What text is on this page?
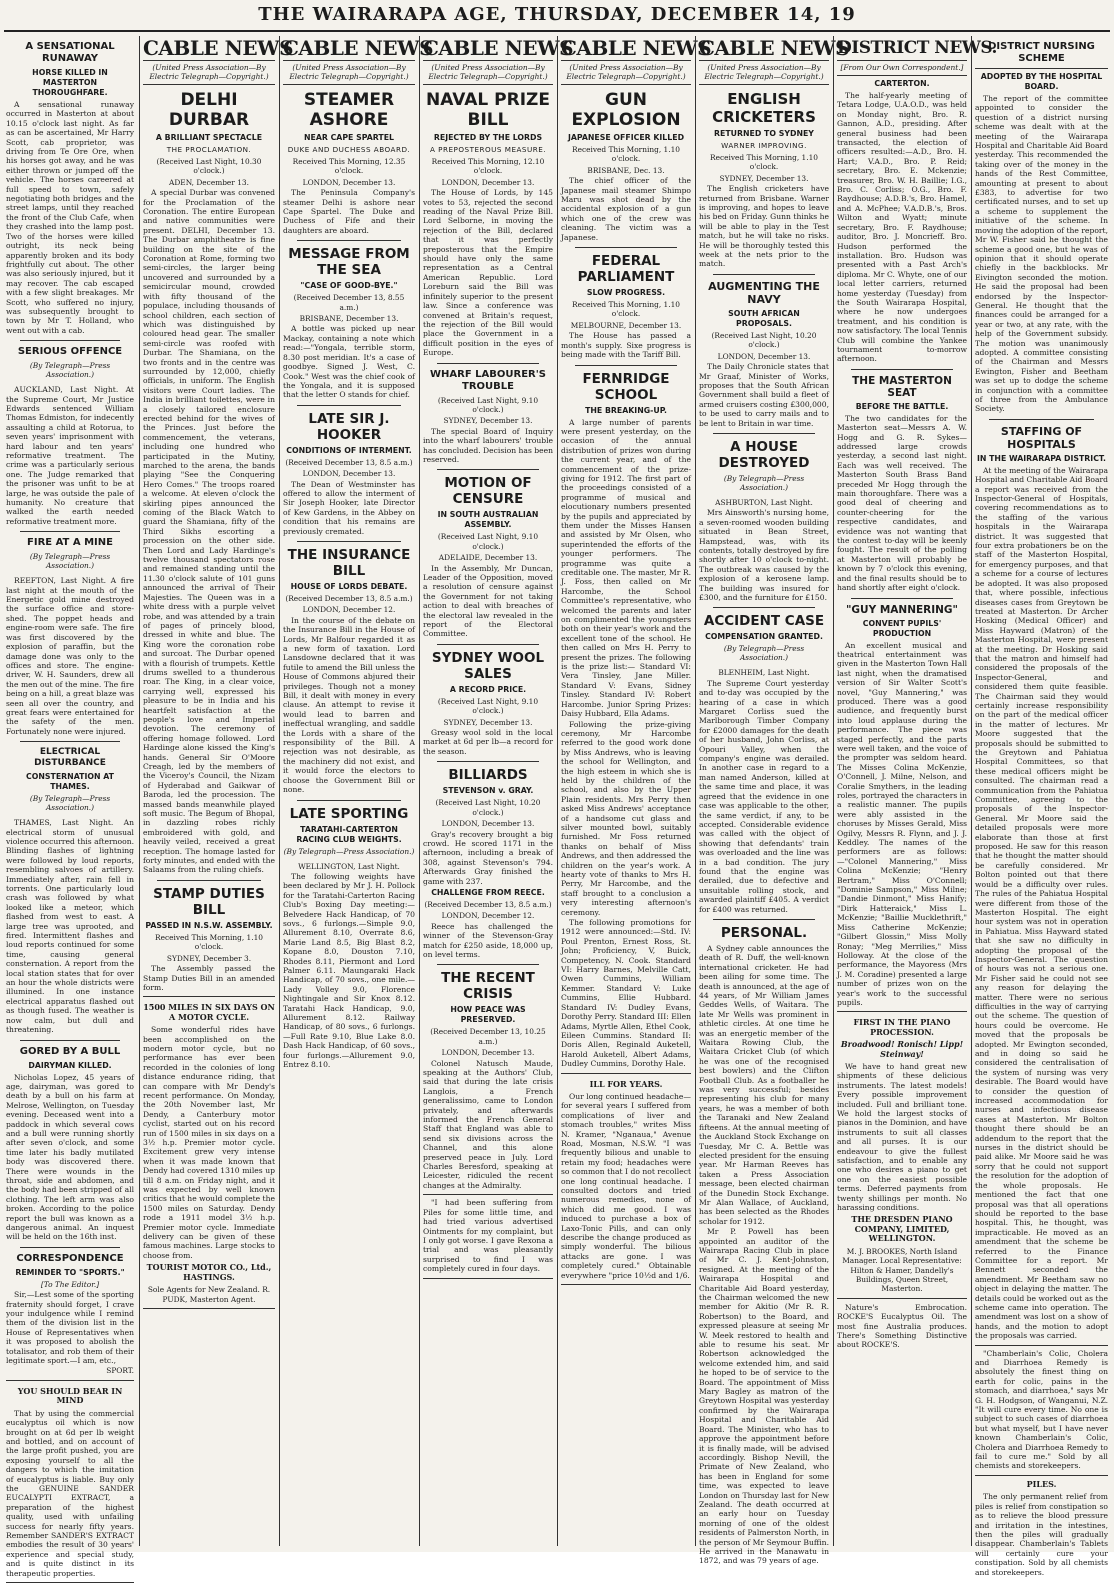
THE WAIRARAPA AGE, THURSDAY, DECEMBER 14, 19
A SENSATIONAL RUNAWAY
HORSE KILLED IN MASTERTON THOROUGHFARE.
A sensational runaway occurred in Masterton at about 10.15 o'clock last night. As far as can be ascertained, Mr Harry Scott, cab proprietor, was driving from Te Ore Ore, when his horses got away, and he was either thrown or jumped off the vehicle. The horses careered at full speed to town, safely negotiating both bridges and the street lamps, until they reached the front of the Club Cafe, when they crashed into the lamp post. Two of the horses were killed outright, its neck being apparently broken and its body frightfully cut about. The other was also seriously injured, but it may recover. The cab escaped with a few slight breakages. Mr Scott, who suffered no injury, was subsequently brought to town by Mr T. Holland, who went out with a cab.
SERIOUS OFFENCE
(By Telegraph—Press Association.)
AUCKLAND, Last Night. At the Supreme Court, Mr Justice Edwards sentenced William Thomas Edmiston, for indecently assaulting a child at Rotorua, to seven years' imprisonment with hard labour and ten years' reformative treatment. The crime was a particularly serious one. The Judge remarked that the prisoner was unfit to be at large, he was outside the pale of humanity. No creature that walked the earth needed reformative treatment more.
FIRE AT A MINE
(By Telegraph—Press Association.)
REEFTON, Last Night. A fire last night at the mouth of the Energetic gold mine destroyed the surface office and store-shed. The poppet heads and engine-room were safe. The fire was first discovered by the explosion of paraffin, but the damage done was only to the offices and store. The engine-driver, W. H. Saunders, drew all the men out of the mine. The fire being on a hill, a great blaze was seen all over the country, and great fears were entertained for the safety of the men. Fortunately none were injured.
ELECTRICAL DISTURBANCE
CONSTERNATION AT THAMES.
(By Telegraph—Press Association.)
THAMES, Last Night. An electrical storm of unusual violence occurred this afternoon. Blinding flashes of lightning were followed by loud reports, resembling salvoes of artillery. Immediately after, rain fell in torrents. One particularly loud crash was followed by what looked like a meteor, which flashed from west to east. A large tree was uprooted, and fired. Intermittent flashes and loud reports continued for some time, causing general consternation. A report from the local station states that for over an hour the whole districts were illumined. In one instance electrical apparatus flashed out as though fused. The weather is now calm, but dull and threatening.
GORED BY A BULL
DAIRYMAN KILLED.
Nicholas Lopez, 45 years of age, dairyman, was gored to death by a bull on his farm at Melrose, Wellington, on Tuesday evening. Deceased went into a paddock in which several cows and a bull were running shortly after seven o'clock, and some time later his badly mutilated body was discovered there. There were wounds in the throat, side and abdomen, and the body had been stripped of all clothing. The left arm was also broken. According to the police report the bull was known as a dangerous animal. An inquest will be held on the 16th inst.
CORRESPONDENCE
REMINDER TO "SPORTS."
[To The Editor.]
Sir,—Lest some of the sporting fraternity should forget, I crave your indulgence while I remind them of the division list in the House of Representatives when it was proposed to abolish the totalisator, and rob them of their legitimate sport.—I am, etc.,
SPORT.
YOU SHOULD BEAR IN MIND
That by using the commercial eucalyptus oil which is now brought on at 6d per lb weight and bottled, and on account of the large profit pushed, you are exposing yourself to all the dangers to which the imitation of eucalyptus is liable. Buy only the GENUINE SANDER EUCALYPTI EXTRACT, a preparation of the highest quality, used with unfailing success for nearly fifty years. Remember SANDER'S EXTRACT embodies the result of 30 years' experience and special study, and is quite distinct in its therapeutic properties.
CABLE NEWS
(United Press Association—By Electric Telegraph—Copyright.)
DELHI DURBAR
A BRILLIANT SPECTACLE
THE PROCLAMATION.
(Received Last Night, 10.30 o'clock.)
ADEN, December 13.
A special Durbar was convened for the Proclamation of the Coronation. The entire European and native communities were present. DELHI, December 13. The Durbar amphitheatre is fine building on the site of the Coronation at Rome, forming two semi-circles, the larger being uncovered and surrounded by a semicircular mound, crowded with fifty thousand of the populace, including thousands of school children, each section of which was distinguished by coloured head gear. The smaller semi-circle was roofed with Durbar. The Shamiana, on the two fronts and in the centre was surrounded by 12,000, chiefly officials, in uniform. The English visitors were Court ladies. The India in brilliant toilettes, were in a closely tailored enclosure erected behind for the wives of the Princes. Just before the commencement, the veterans, including one hundred who participated in the Mutiny, marched to the arena, the bands playing "See the Conquering Hero Comes." The troops roared a welcome. At eleven o'clock the skirling pipes announced the coming of the Black Watch to guard the Shamiana, fifty of the Third Sikhs escorting a procession on the other side. Then Lord and Lady Hardinge's twelve thousand spectators rose and remained standing until the 11.30 o'clock salute of 101 guns announced the arrival of Their Majesties. The Queen was in a white dress with a purple velvet robe, and was attended by a train of pages of princely blood, dressed in white and blue. The King wore the coronation robe and surcoat. The Durbar opened with a flourish of trumpets. Kettle drums swelled to a thunderous roar. The King, in a clear voice, carrying well, expressed his pleasure to be in India and his heartfelt satisfaction at the people's love and Imperial devotion. The ceremony of offering homage followed. Lord Hardinge alone kissed the King's hands. General Sir O'Moore Creagh, led by the members of the Viceroy's Council, the Nizam of Hyderabad and Gaikwar of Baroda, led the procession. The massed bands meanwhile played soft music. The Begum of Bhopal, in dazzling robes richly embroidered with gold, and heavily veiled, received a great reception. The homage lasted for forty minutes, and ended with the Salaams from the ruling chiefs.
STAMP DUTIES BILL
PASSED IN N.S.W. ASSEMBLY.
Received This Morning, 1.10 o'clock.
SYDNEY, December 3.
The Assembly passed the Stamp Duties Bill in an amended form.
1500 MILES IN SIX DAYS ON A MOTOR CYCLE.
Some wonderful rides have been accomplished on the modern motor cycle, but no performance has ever been recorded in the colonies of long distance endurance riding, that can compare with Mr Dendy's recent performance. On Monday, the 20th November last, Mr Dendy, a Canterbury motor cyclist, started out on his record run of 1500 miles in six days on a 3½ h.p. Premier motor cycle. Excitement grew very intense when it was made known that Dendy had covered 1310 miles up till 8 a.m. on Friday night, and it was expected by well known critics that he would complete the 1500 miles on Saturday. Dendy rode a 1911 model 3½ h.p. Premier motor cycle. Immediate delivery can be given of these famous machines. Large stocks to choose from.
TOURIST MOTOR CO., Ltd., HASTINGS.
Sole Agents for New Zealand. R. PUDK, Masterton Agent.
CABLE NEWS
(United Press Association—By Electric Telegraph—Copyright.)
STEAMER ASHORE
NEAR CAPE SPARTEL
DUKE AND DUCHESS ABOARD.
Received This Morning, 12.35 o'clock.
LONDON, December 13.
The Peninsula Company's steamer Delhi is ashore near Cape Spartel. The Duke and Duchess of Fife and their daughters are aboard.
MESSAGE FROM THE SEA
"CASE OF GOOD-BYE."
(Received December 13, 8.55 a.m.)
BRISBANE, December 13.
A bottle was picked up near Mackay, containing a note which read:—"Yongala, terrible storm, 8.30 post meridian. It's a case of goodbye. Signed J. West, C. Cook." West was the chief cook of the Yongala, and it is supposed that the letter O stands for chief.
LATE SIR J. HOOKER
CONDITIONS OF INTERMENT.
(Received December 13, 8.5 a.m.)
LONDON, December 13.
The Dean of Westminster has offered to allow the interment of Sir Joseph Hooker, late Director of Kew Gardens, in the Abbey on condition that his remains are previously cremated.
THE INSURANCE BILL
HOUSE OF LORDS DEBATE.
(Received December 13, 8.5 a.m.)
LONDON, December 12.
In the course of the debate on the Insurance Bill in the House of Lords, Mr Balfour regarded it as a new form of taxation. Lord Lansdowne declared that it was futile to amend the Bill unless the House of Commons abjured their privileges. Though not a money Bill, it dealt with money in every clause. An attempt to revise it would lead to barren and ineffectual wrangling, and saddle the Lords with a share of the responsibility of the Bill. A rejection was not desirable, as the machinery did not exist, and it would force the electors to choose the Government Bill or none.
LATE SPORTING
TARATAHI-CARTERTON RACING CLUB WEIGHTS.
(By Telegraph—Press Association.)
WELLINGTON, Last Night.
The following weights have been declared by Mr J. H. Pollock for the Taratahi-Carterton Racing Club's Boxing Day meeting:— Belvedere Hack Handicap, of 70 sovs., 6 furlongs.—Simple 9.0, Allurement 8.10, Overrate 8.6, Marie Land 8.5, Big Blast 8.2, Kopane 8.0, Douston 7.10, Rhodes 8.11, Piermont and Lord Palmer 6.11. Maungaraki Hack Handicap, of 70 sovs., one mile.—Lady Volley 9.0, Florence Nightingale and Sir Knox 8.12. Taratahi Hack Handicap, 9.0, Allurement 8.12. Railway Handicap, of 80 sovs., 6 furlongs.—Full Rate 9.10, Blue Lake 8.0. Dash Hack Handicap, of 60 sovs., four furlongs.—Allurement 9.0, Entrez 8.10.
CABLE NEWS
(United Press Association—By Electric Telegraph—Copyright.)
NAVAL PRIZE BILL
REJECTED BY THE LORDS
A PREPOSTEROUS MEASURE.
Received This Morning, 12.10 o'clock.
LONDON, December 13.
The House of Lords, by 145 votes to 53, rejected the second reading of the Naval Prize Bill. Lord Selborne, in moving the rejection of the Bill, declared that it was perfectly preposterous that the Empire should have only the same representation as a Central American Republic. Lord Loreburn said the Bill was infinitely superior to the present law. Since a conference was convened at Britain's request, the rejection of the Bill would place the Government in a difficult position in the eyes of Europe.
WHARF LABOURER'S TROUBLE
(Received Last Night, 9.10 o'clock.)
SYDNEY, December 13.
The special Board of Inquiry into the wharf labourers' trouble has concluded. Decision has been reserved.
MOTION OF CENSURE
IN SOUTH AUSTRALIAN ASSEMBLY.
(Received Last Night, 9.10 o'clock.)
ADELAIDE, December 13.
In the Assembly, Mr Duncan, Leader of the Opposition, moved a resolution of censure against the Government for not taking action to deal with breaches of the electoral law revealed in the report of the Electoral Committee.
SYDNEY WOOL SALES
A RECORD PRICE.
(Received Last Night, 9.10 o'clock.)
SYDNEY, December 13.
Greasy wool sold in the local market at 6d per lb—a record for the season.
BILLIARDS
STEVENSON v. GRAY.
(Received Last Night, 10.20 o'clock.)
LONDON, December 13.
Gray's recovery brought a big crowd. He scored 1171 in the afternoon, including a break of 308, against Stevenson's 794. Afterwards Gray finished the game with 237.
CHALLENGE FROM REECE.
(Received December 13, 8.5 a.m.)
LONDON, December 12.
Reece has challenged the winner of the Stevenson-Gray match for £250 aside, 18,000 up, on level terms.
THE RECENT CRISIS
HOW PEACE WAS PRESERVED.
(Received December 13, 10.25 a.m.)
LONDON, December 13.
Colonel Natusch Maude, speaking at the Authors' Club, said that during the late crisis Langlois, a French generalissimo, came to London privately, and afterwards informed the French General Staff that England was able to send six divisions across the Channel, and this alone preserved peace in July. Lord Charles Beresford, speaking at Leicester, ridiculed the recent changes at the Admiralty.
"I had been suffering from Piles for some little time, and had tried various advertised Ointments for my complaint, but I only got worse. I gave Rexona a trial and was pleasantly surprised to find I was completely cured in four days.
CABLE NEWS
(United Press Association—By Electric Telegraph—Copyright.)
GUN EXPLOSION
JAPANESE OFFICER KILLED
Received This Morning, 1.10 o'clock.
BRISBANE, Dec. 13.
The chief officer of the Japanese mail steamer Shimpo Maru was shot dead by the accidental explosion of a gun which one of the crew was cleaning. The victim was a Japanese.
FEDERAL PARLIAMENT
SLOW PROGRESS.
Received This Morning, 1.10 o'clock.
MELBOURNE, December 13.
The House has passed a month's supply. Sixe progress is being made with the Tariff Bill.
FERNRIDGE SCHOOL
THE BREAKING-UP.
A large number of parents were present yesterday, on the occasion of the annual distribution of prizes won during the current year, and of the commencement of the prize-giving for 1912. The first part of the proceedings consisted of a programme of musical and elocutionary numbers presented by the pupils and appreciated by them under the Misses Hansen and assisted by Mr Olsen, who superintended the efforts of the younger performers. The programme was quite a creditable one. The master, Mr R. J. Foss, then called on Mr Harcombe, the School Committee's representative, who welcomed the parents and later on complimented the youngsters both on their year's work and the excellent tone of the school. He then called on Mrs H. Perry to present the prizes. The following is the prize list:— Standard VI: Vera Tinsley, Jane Miller. Standard V: Evans, Sidney Tinsley. Standard IV: Robert Harcombe. Junior Spring Prizes: Daisy Hubbard, Ella Adams.
Following the prize-giving ceremony, Mr Harcombe referred to the good work done by Miss Andrews, who is leaving the school for Wellington, and the high esteem in which she is held by the children of the school, and also by the Upper Plain residents. Mrs Perry then asked Miss Andrews' acceptance of a handsome cut glass and silver mounted bowl, suitably furnished. Mr Foss returned thanks on behalf of Miss Andrews, and then addressed the children on the year's work. A hearty vote of thanks to Mrs H. Perry, Mr Harcombe, and the staff brought to a conclusion a very interesting afternoon's ceremony.
The following promotions for 1912 were announced:—Std. IV: Poul Prenton, Ernest Ross, St. John; Proficiency, V, Buick, Competency, N. Cook. Standard VI: Harry Barnes, Melville Catt, Owen Cummins, William Kemmer. Standard V: Luke Cummins, Ellie Hubbard. Standard IV: Dudley Evans, Dorothy Perry. Standard III: Ellen Adams, Myrtle Allen, Ethel Cook, Eileen Cummins. Standard II: Doris Allen, Reginald Auketell, Harold Auketell, Albert Adams, Dudley Cummins, Dorothy Hale.
ILL FOR YEARS.
Our long continued headache—for several years I suffered from complications of liver and stomach troubles," writes Miss N. Kramer, "Nganaua," Avenue Road, Mosman, N.S.W. "I was frequently bilious and unable to retain my food; headaches were so common that I do not recollect one long continual headache. I consulted doctors and tried numerous remedies, none of which did me good. I was induced to purchase a box of Laxo-Tonic Pills, and can only describe the change produced as simply wonderful. The bilious attacks are gone. I was completely cured." Obtainable everywhere "price 10½d and 1/6.
CABLE NEWS
(United Press Association—By Electric Telegraph—Copyright.)
ENGLISH CRICKETERS
RETURNED TO SYDNEY
WARNER IMPROVING.
Received This Morning, 1.10 o'clock.
SYDNEY, December 13.
The English cricketers have returned from Brisbane. Warner is improving, and hopes to leave his bed on Friday. Gunn thinks he will be able to play in the Test match, but he will take no risks. He will be thoroughly tested this week at the nets prior to the match.
AUGMENTING THE NAVY
SOUTH AFRICAN PROPOSALS.
(Received Last Night, 10.20 o'clock.)
LONDON, December 13.
The Daily Chronicle states that Mr Graaf, Minister of Works, proposes that the South African Government shall build a fleet of armed cruisers costing £300,000, to be used to carry mails and to be lent to Britain in war time.
A HOUSE DESTROYED
(By Telegraph—Press Association.)
ASHBURTON, Last Night.
Mrs Ainsworth's nursing home, a seven-roomed wooden building situated in Bean Street, Hampstead, was, with its contents, totally destroyed by fire shortly after 10 o'clock to-night. The outbreak was caused by the explosion of a kerosene lamp. The building was insured for £300, and the furniture for £150.
ACCIDENT CASE
COMPENSATION GRANTED.
(By Telegraph—Press Association.)
BLENHEIM, Last Night.
The Supreme Court yesterday and to-day was occupied by the hearing of a case in which Margaret Corliss sued the Marlborough Timber Company for £2000 damages for the death of her husband, John Corliss, at Opouri Valley, when the company's engine was derailed. In another case in regard to a man named Anderson, killed at the same time and place, it was agreed that the evidence in one case was applicable to the other, the same verdict, if any, to be accepted. Considerable evidence was called with the object of showing that defendants' train was overloaded and the line was in a bad condition. The jury found that the engine was derailed, due to defective and unsuitable rolling stock, and awarded plaintiff £405. A verdict for £400 was returned.
PERSONAL.
A Sydney cable announces the death of R. Duff, the well-known international cricketer. He had been ailing for some time. The death is announced, at the age of 44 years, of Mr William James Geddes Wells, of Waitara. The late Mr Wells was prominent in athletic circles. At one time he was an energetic member of the Waitara Rowing Club, the Waitara Cricket Club (of which he was one of the recognised best bowlers) and the Clifton Football Club. As a footballer he was very successful; besides representing his club for many years, he was a member of both the Taranaki and New Zealand fifteens. At the annual meeting of the Auckland Stock Exchange on Tuesday, Mr C. A. Bettle was elected president for the ensuing year. Mr Harman Reeves has taken a Press Association message, been elected chairman of the Dunedin Stock Exchange. Mr Alan Wallace, of Auckland, has been selected as the Rhodes scholar for 1912.
Mr P. Powell has been appointed an auditor of the Wairarapa Racing Club in place of Mr C. J. Kent-Johnston, resigned. At the meeting of the Wairarapa Hospital and Charitable Aid Board yesterday, the Chairman welcomed the new member for Akitio (Mr R. R. Robertson) to the Board, and expressed pleasure at seeing Mr W. Meek restored to health and able to resume his seat. Mr Robertson acknowledged the welcome extended him, and said he hoped to be of service to the Board. The appointment of Miss Mary Bagley as matron of the Greytown Hospital was yesterday confirmed by the Wairarapa Hospital and Charitable Aid Board. The Minister, who has to approve the appointment before it is finally made, will be advised accordingly. Bishop Nevill, the Primate of New Zealand, who has been in England for some time, was expected to leave London on Thursday last for New Zealand. The death occurred at an early hour on Tuesday morning of one of the oldest residents of Palmerston North, in the person of Mr Seymour Buffin. He arrived in the Manawatu in 1872, and was 79 years of age.
DISTRICT NEWS.
[From Our Own Correspondent.]
CARTERTON.
The half-yearly meeting of Tetara Lodge, U.A.O.D., was held on Monday night, Bro. R. Gannon, A.D., presiding. After general business had been transacted, the election of officers resulted:—A.D., Bro. H. Hart; V.A.D., Bro. P. Reid; secretary, Bro. E. Mckenzie; treasurer, Bro. W. H. Baillie; I.G., Bro. C. Corliss; O.G., Bro. F. Raydhouse; A.D.B.'s, Bro. Hamel, and A. McPhee; V.A.D.B.'s, Bros. Wilton and Wyatt; minute secretary, Bro. F. Raydhouse; auditor, Bro. J. Moncrieff. Bro. Hudson performed the installation. Bro. Hudson was presented with a Past Arch's diploma. Mr C. Whyte, one of our local letter carriers, returned home yesterday (Tuesday) from the South Wairarapa Hospital, where he now undergoes treatment, and his condition is now satisfactory. The local Tennis Club will combine the Yankee tournament to-morrow afternoon.
THE MASTERTON SEAT
BEFORE THE BATTLE.
The two candidates for the Masterton seat—Messrs A. W. Hogg and G. R. Sykes—addressed large crowds yesterday, a second last night. Each was well received. The Masterton South Brass Band preceded Mr Hogg through the main thoroughfare. There was a good deal of cheering and counter-cheering for the respective candidates, and evidence was not wanting that the contest to-day will be keenly fought. The result of the polling at Masterton will probably be known by 7 o'clock this evening, and the final results should be to hand shortly after eight o'clock.
"GUY MANNERING"
CONVENT PUPILS' PRODUCTION
An excellent musical and theatrical entertainment was given in the Masterton Town Hall last night, when the dramatised version of Sir Walter Scott's novel, "Guy Mannering," was produced. There was a good audience, and frequently burst into loud applause during the performance. The piece was staged perfectly, and the parts were well taken, and the voice of the prompter was seldom heard. The Misses Colina McKenzie, O'Connell, J. Milne, Nelson, and Coralie Smythers, in the leading roles, portrayed the characters in a realistic manner. The pupils were ably assisted in the choruses by Misses Gerald, Miss Ogilvy, Messrs R. Flynn, and J. J. Keddley. The names of the performers are as follows:—"Colonel Mannering," Miss Colina McKenzie; "Henry Bertram," Miss O'Connell; "Dominie Sampson," Miss Milne; "Dandie Dinmont," Miss Hanify; "Dirk Hatteraick," Miss L. McKenzie; "Baillie Mucklethrift," Miss Catherine McKenzie; "Gilbert Glossin," Miss Molly Ronay; "Meg Merrilies," Miss Holloway. At the close of the performance, the Mayoress (Mrs J. M. Coradine) presented a large number of prizes won on the year's work to the successful pupils.
FIRST IN THE PIANO PROCESSION.
Broadwood! Ronisch! Lipp! Steinway!
We have to hand great new shipments of these delicious instruments. The latest models! Every possible improvement included. Full and brilliant tone. We hold the largest stocks of pianos in the Dominion, and have instruments to suit all classes and all purses. It is our endeavour to give the fullest satisfaction, and to enable any one who desires a piano to get one on the easiest possible terms. Deferred payments from twenty shillings per month. No harassing conditions.
THE DRESDEN PIANO COMPANY, LIMITED, WELLINGTON.
M. J. BROOKES, North Island Manager. Local Representative: Hilton & Hamer, Dandelly's Buildings, Queen Street, Masterton.
Nature's Embrocation. ROCKE'S Eucalyptus Oil. The most fine Australia produces. There's Something Distinctive about ROCKE'S.
DISTRICT NURSING SCHEME
ADOPTED BY THE HOSPITAL BOARD.
The report of the committee appointed to consider the question of a district nursing scheme was dealt with at the meeting of the Wairarapa Hospital and Charitable Aid Board yesterday. This recommended the taking over of the money in the hands of the Rest Committee, amounting at present to about £383, to advertise for two certificated nurses, and to set up a scheme to supplement the initiative of the scheme. In moving the adoption of the report, Mr W. Fisher said he thought the scheme a good one, but he was of opinion that it should operate chiefly in the backblocks. Mr Eivington seconded the motion. He said the proposal had been endorsed by the Inspector-General. He thought that the finances could be arranged for a year or two, at any rate, with the help of the Government subsidy. The motion was unanimously adopted. A committee consisting of the Chairman and Messrs Ewington, Fisher and Beetham was set up to dodge the scheme in conjunction with a committee of three from the Ambulance Society.
STAFFING OF HOSPITALS
IN THE WAIRARAPA DISTRICT.
At the meeting of the Wairarapa Hospital and Charitable Aid Board a report was received from the Inspector-General of Hospitals, covering recommendations as to the staffing of the various hospitals in the Wairarapa district. It was suggested that four extra probationers be on the staff of the Masterton Hospital, for emergency purposes, and that a scheme for a course of lectures be adopted. It was also proposed that, where possible, infectious diseases cases from Greytown be treated at Masterton. Dr Archer Hosking (Medical Officer) and Miss Hayward (Matron) of the Masterton Hospital, were present at the meeting. Dr Hosking said that the matron and himself had considered the proposals of the Inspector-General, and considered them quite feasible. The Chairman said they would certainly increase responsibility on the part of the medical officer in the matter of lectures. Mr Moore suggested that the proposals should be submitted to the Greytown and Pahiatua Hospital Committees, so that these medical officers might be consulted. The chairman read a communication from the Pahiatua Committee, agreeing to the proposals of the Inspector-General. Mr Moore said the detailed proposals were more elaborate than those at first proposed. He saw for this reason that he thought the matter should be carefully considered. Mr Bolton pointed out that there would be a difficulty over rules. The rules of the Pahiatua Hospital were different from those of the Masterton Hospital. The eight hour system was not in operation in Pahiatua. Miss Hayward stated that she saw no difficulty in adopting the proposal of the Inspector-General. The question of hours was not a serious one. Mr Fisher said he could not see any reason for delaying the matter. There were no serious difficulties in the way of carrying out the scheme. The question of hours could be overcome. He moved that the proposals be adopted. Mr Ewington seconded, and in doing so said he considered the centralisation of the system of nursing was very desirable. The Board would have to consider the question of increased accommodation for nurses and infectious disease cases at Masterton. Mr Bolton thought there should be an addendum to the report that the nurses in the district should be paid alike. Mr Moore said he was sorry that he could not support the resolution for the adoption of the whole proposals. He mentioned the fact that one proposal was that all operations should be reported to the base hospital. This, he thought, was impracticable. He moved as an amendment that the scheme be referred to the Finance Committee for a report. Mr Bennett seconded the amendment. Mr Beetham saw no object in delaying the matter. The details could be worked out as the scheme came into operation. The amendment was lost on a show of hands, and the motion to adopt the proposals was carried.
"Chamberlain's Colic, Cholera and Diarrhoea Remedy is absolutely the finest thing on earth for colic, pains in the stomach, and diarrhoea," says Mr G. H. Hodgson, of Wanganui, N.Z. "It will cure every time. No one is subject to such cases of diarrhoea but what myself, but I have never known Chamberlain's Colic, Cholera and Diarrhoea Remedy to fail to cure me." Sold by all chemists and storekeepers.
PILES.
The only permanent relief from piles is relief from constipation so as to relieve the blood pressure and irritation in the intestines, then the piles will gradually disappear. Chamberlain's Tablets will certainly cure your constipation. Sold by all chemists and storekeepers.
